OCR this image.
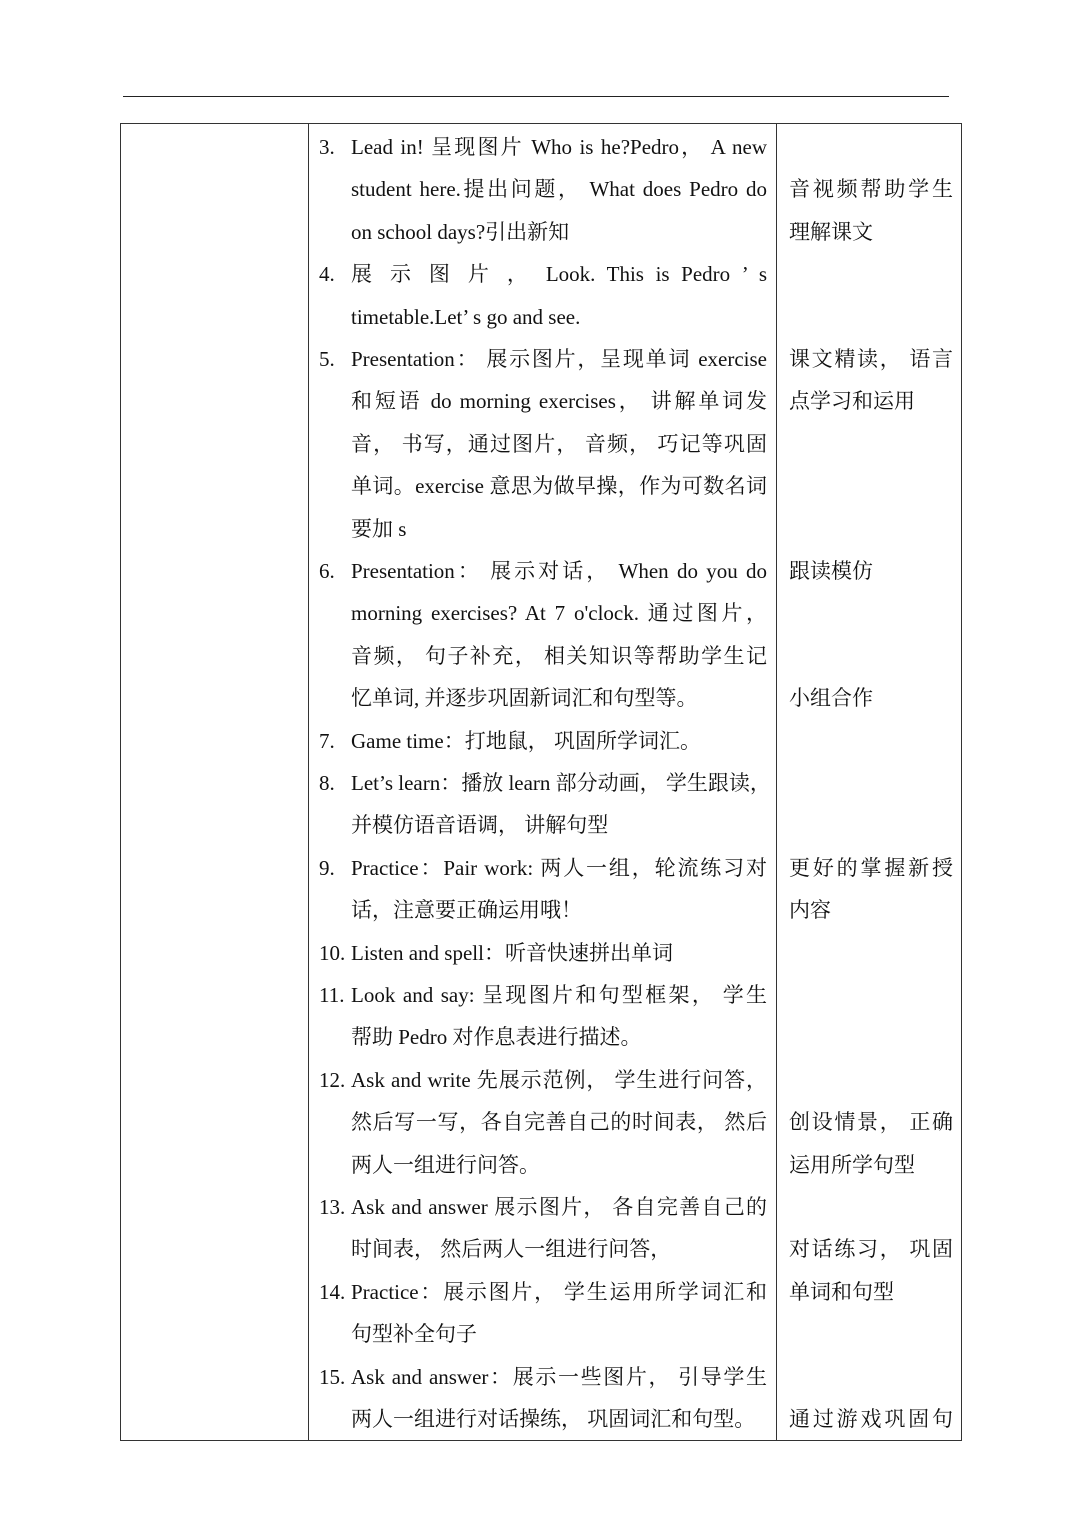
3. Lead in! 呈现图片 Who is he?Pedro， A new
student here.提出问题， What does Pedro do
on school days?引出新知
4. 展 示 图 片 ， Look. This is Pedro ’ s
timetable.Let’ s go and see.
5. Presentation： 展示图片，呈现单词 exercise
和短语 do morning exercises， 讲解单词发
音， 书写，通过图片， 音频， 巧记等巩固
单词。exercise 意思为做早操，作为可数名词
要加 s
6. Presentation： 展示对话， When do you do
morning exercises? At 7 o'clock. 通过图片，
音频， 句子补充， 相关知识等帮助学生记
忆单词, 并逐步巩固新词汇和句型等。
7. Game time：打地鼠， 巩固所学词汇。
8. Let’s learn：播放 learn 部分动画， 学生跟读，
并模仿语音语调， 讲解句型
9. Practice：Pair work: 两人一组，轮流练习对
话，注意要正确运用哦！
10. Listen and spell：听音快速拼出单词
11. Look and say: 呈现图片和句型框架， 学生
帮助 Pedro 对作息表进行描述。
12. Ask and write 先展示范例， 学生进行问答，
然后写一写，各自完善自己的时间表， 然后
两人一组进行问答。
13. Ask and answer 展示图片， 各自完善自己的
时间表， 然后两人一组进行问答，
14. Practice：展示图片， 学生运用所学词汇和
句型补全句子
15. Ask and answer：展示一些图片， 引导学生
两人一组进行对话操练， 巩固词汇和句型。
音视频帮助学生
理解课文
课文精读， 语言
点学习和运用
跟读模仿
小组合作
更好的掌握新授
内容
创设情景， 正确
运用所学句型
对话练习， 巩固
单词和句型
通过游戏巩固句
